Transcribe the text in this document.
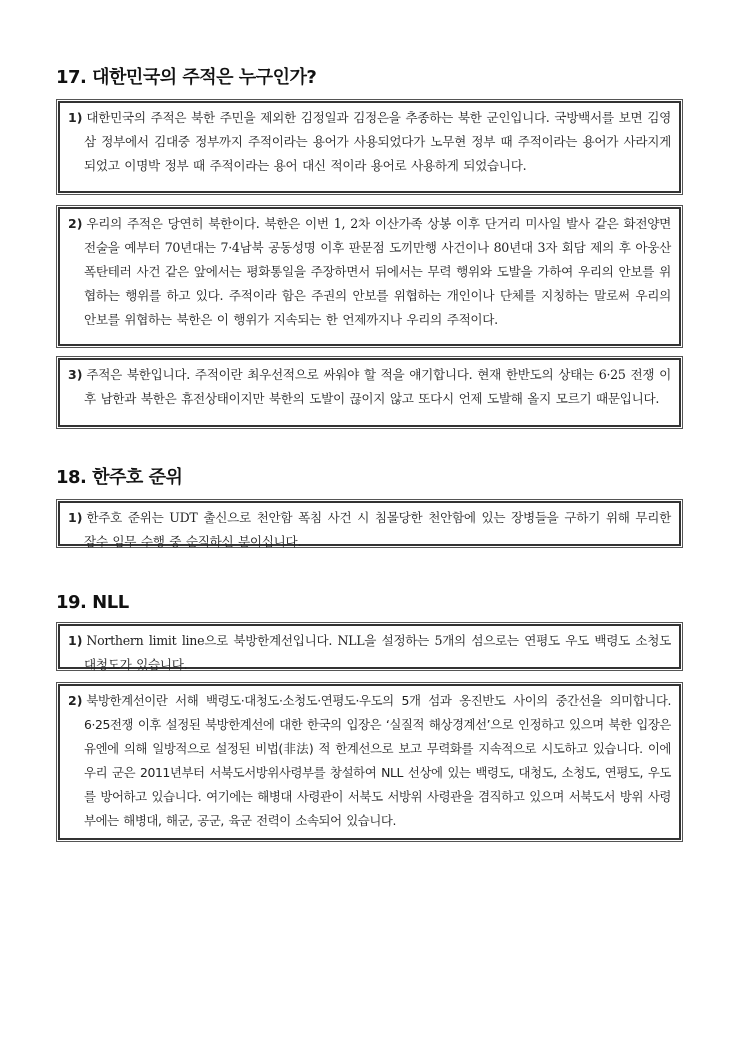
17. 대한민국의 주적은 누구인가?
1) 대한민국의 주적은 북한 주민을 제외한 김정일과 김정은을 추종하는 북한 군인입니다. 국방백서를 보면 김영삼 정부에서 김대중 정부까지 주적이라는 용어가 사용되었다가 노무현 정부 때 주적이라는 용어가 사라지게 되었고 이명박 정부 때 주적이라는 용어 대신 적이라 용어로 사용하게 되었습니다.
2) 우리의 주적은 당연히 북한이다. 북한은 이번 1, 2차 이산가족 상봉 이후 단거리 미사일 발사 같은 화전양면전술을 예부터 70년대는 7·4남북 공동성명 이후 판문점 도끼만행 사건이나 80년대 3자 회담 제의 후 아웅산 폭탄테러 사건 같은 앞에서는 평화통일을 주장하면서 뒤에서는 무력 행위와 도발을 가하여 우리의 안보를 위협하는 행위를 하고 있다. 주적이라 함은 주권의 안보를 위협하는 개인이나 단체를 지칭하는 말로써 우리의 안보를 위협하는 북한은 이 행위가 지속되는 한 언제까지나 우리의 주적이다.
3) 주적은 북한입니다. 주적이란 최우선적으로 싸워야 할 적을 얘기합니다. 현재 한반도의 상태는 6·25 전쟁 이후 남한과 북한은 휴전상태이지만 북한의 도발이 끊이지 않고 또다시 언제 도발해 올지 모르기 때문입니다.
18. 한주호 준위
1) 한주호 준위는 UDT 출신으로 천안함 폭침 사건 시 침몰당한 천안함에 있는 장병들을 구하기 위해 무리한 잠수 임무 수행 중 순직하신 분이십니다.
19. NLL
1) Northern limit line으로 북방한계선입니다. NLL을 설정하는 5개의 섬으로는 연평도 우도 백령도 소청도 대청도가 있습니다.
2) 북방한계선이란 서해 백령도·대청도·소청도·연평도·우도의 5개 섬과 옹진반도 사이의 중간선을 의미합니다. 6·25전쟁 이후 설정된 북방한계선에 대한 한국의 입장은 ‘실질적 해상경계선’으로 인정하고 있으며 북한 입장은 유엔에 의해 일방적으로 설정된 비법(非法) 적 한계선으로 보고 무력화를 지속적으로 시도하고 있습니다. 이에 우리 군은 2011년부터 서북도서방위사령부를 창설하여 NLL 선상에 있는 백령도, 대청도, 소청도, 연평도, 우도를 방어하고 있습니다. 여기에는 해병대 사령관이 서북도 서방위 사령관을 겸직하고 있으며 서북도서 방위 사령부에는 해병대, 해군, 공군, 육군 전력이 소속되어 있습니다.
